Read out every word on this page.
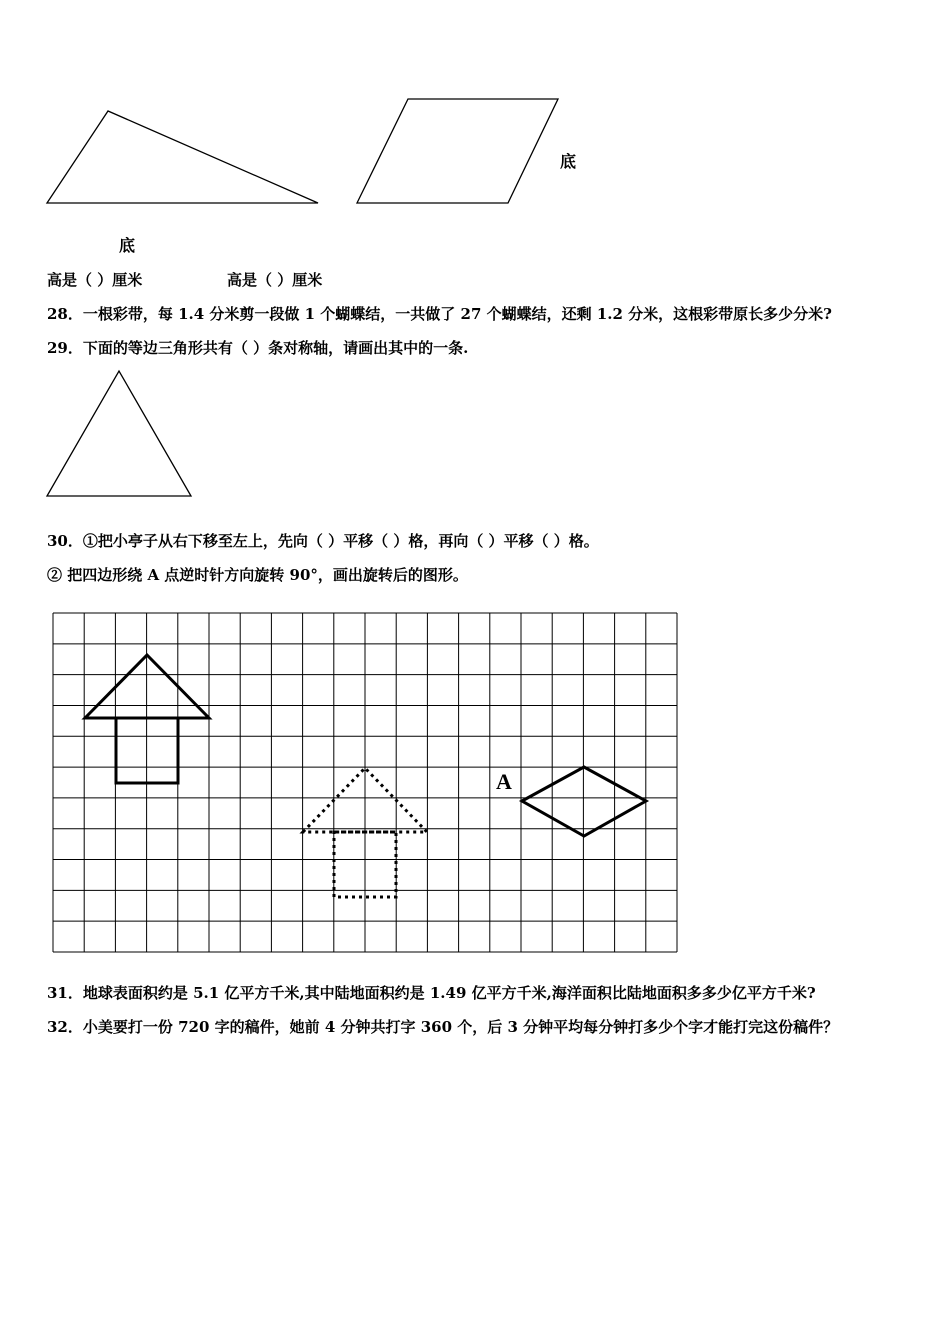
底
底
高是（ ）厘米	高是（ ）厘米
28．一根彩带，每 1.4 分米剪一段做 1 个蝴蝶结，一共做了 27 个蝴蝶结，还剩 1.2 分米，这根彩带原长多少分米?
29．下面的等边三角形共有（ ）条对称轴，请画出其中的一条.
30．①把小亭子从右下移至左上，先向（ ）平移（ ）格，再向（ ）平移（ ）格。
② 把四边形绕 A 点逆时针方向旋转 90°，画出旋转后的图形。
A
31．地球表面积约是 5.1 亿平方千米,其中陆地面积约是 1.49 亿平方千米,海洋面积比陆地面积多多少亿平方千米?
32．小美要打一份 720 字的稿件，她前 4 分钟共打字 360 个，后 3 分钟平均每分钟打多少个字才能打完这份稿件？
